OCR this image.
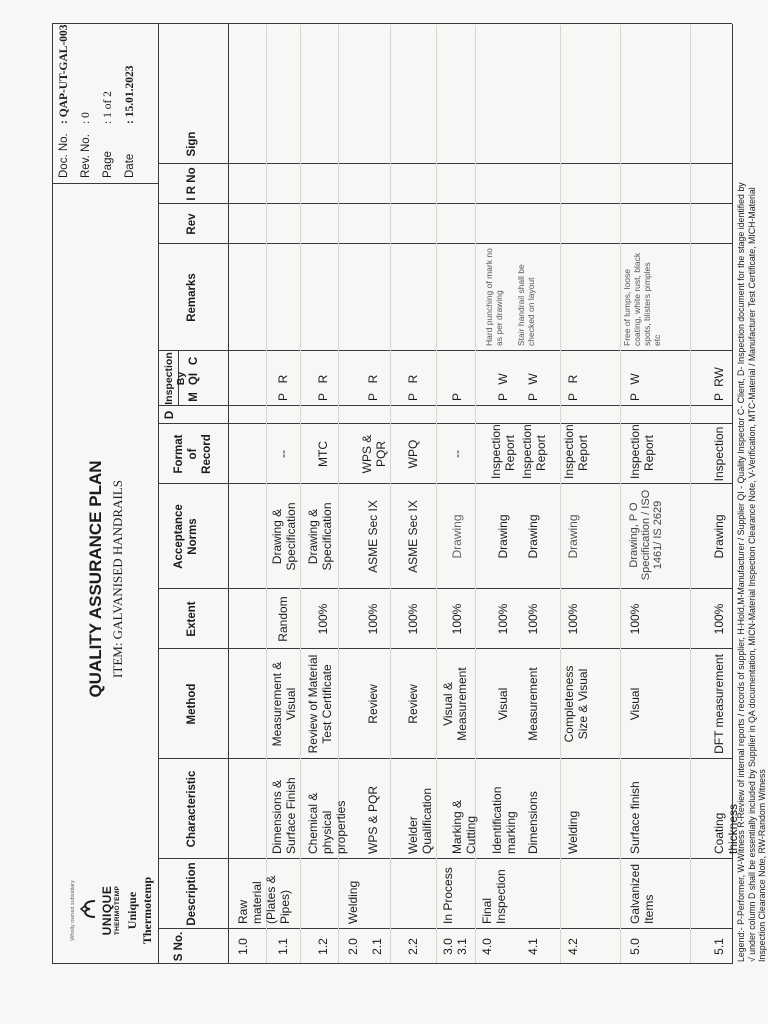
Wholly owned subsidiary UNIQUE THERMOTEMP Unique Thermotemp
QUALITY ASSURANCE PLAN ITEM: GALVANISED HANDRAILS
Doc. No.
: QAP-UT-GAL-003
Rev. No.
: 0
Page
: 1 of 2
Date
: 15.01.2023
S No.
Description
Characteristic
Method
Extent
Acceptance Norms
Format of Record
D
Inspection By
M
QI
C
Remarks
Rev
I R No
Sign
1.0
Raw material (Plates & Pipes)
1.1
Dimensions & Surface Finish
Measurement & Visual
Random
Drawing & Specification
--
P
R
1.2
Chemical & physical properties
Review of Material Test Certificate
100%
Drawing & Specification
MTC
P
R
2.0
Welding
2.1
WPS & PQR
Review
100%
ASME Sec IX
WPS & PQR
P
R
2.2
Welder Qualification
Review
100%
ASME Sec IX
WPQ
P
R
3.0
In Process
3.1
Marking & Cutting
Visual & Measurement
100%
Drawing
--
P
4.0
Final Inspection
Identification marking
Visual
100%
Drawing
Inspection Report
P
W
Hard punching of mark no as per drawing
4.1
Dimensions
Measurement
100%
Drawing
Inspection Report
P
W
Stair handrail shall be checked on layout
4.2
Welding
Completeness Size & Visual
100%
Drawing
Inspection Report
P
R
5.0
Galvanized Items
Surface finish
Visual
100%
Drawing, P O Specification / ISO 1461/ IS 2629
Inspection Report
P
W
Free of lumps, loose coating, white rust, black spots, blisters pimples etc
5.1
Coating thickness
DFT measurement
100%
Drawing
Inspection
P
RW Legend:- P-Performer, W-Witness R-Review of internal reports / records of supplier, H-Hold,M-Manufacturer / Supplier QI - Quality Inspector C- Client, D- Inspection document for the stage identified by √ under column D shall be essentially included by Supplier in QA documentation, MICN-Material Inspection Clearance Note, V-Verification, MTC-Material / Manufacturer Test Certificate, MICH-Material Inspection Clearance Note, RW-Random Witness
